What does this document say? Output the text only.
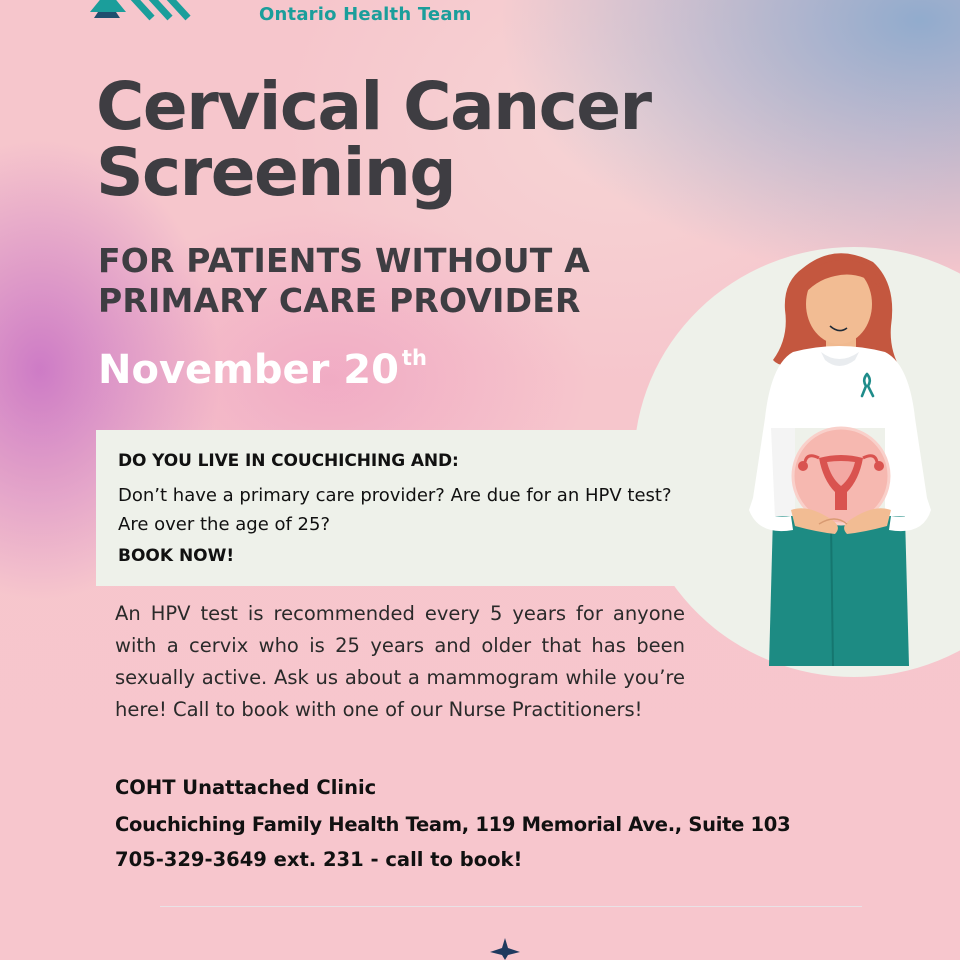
Ontario Health Team
Cervical Cancer
Screening
FOR PATIENTS WITHOUT A
PRIMARY CARE PROVIDER
November 20 $^{th}$
DO YOU LIVE IN COUCHICHING AND:
Don’t have a primary care provider? Are due for an HPV test? Are over the age of 25?
BOOK NOW!
An HPV test is recommended every 5 years for anyone with a cervix who is 25 years and older that has been sexually active. Ask us about a mammogram while you’re here! Call to book with one of our Nurse Practitioners!
COHT Unattached Clinic
Couchiching Family Health Team, 119 Memorial Ave., Suite 103
705-329-3649 ext. 231 - call to book!
